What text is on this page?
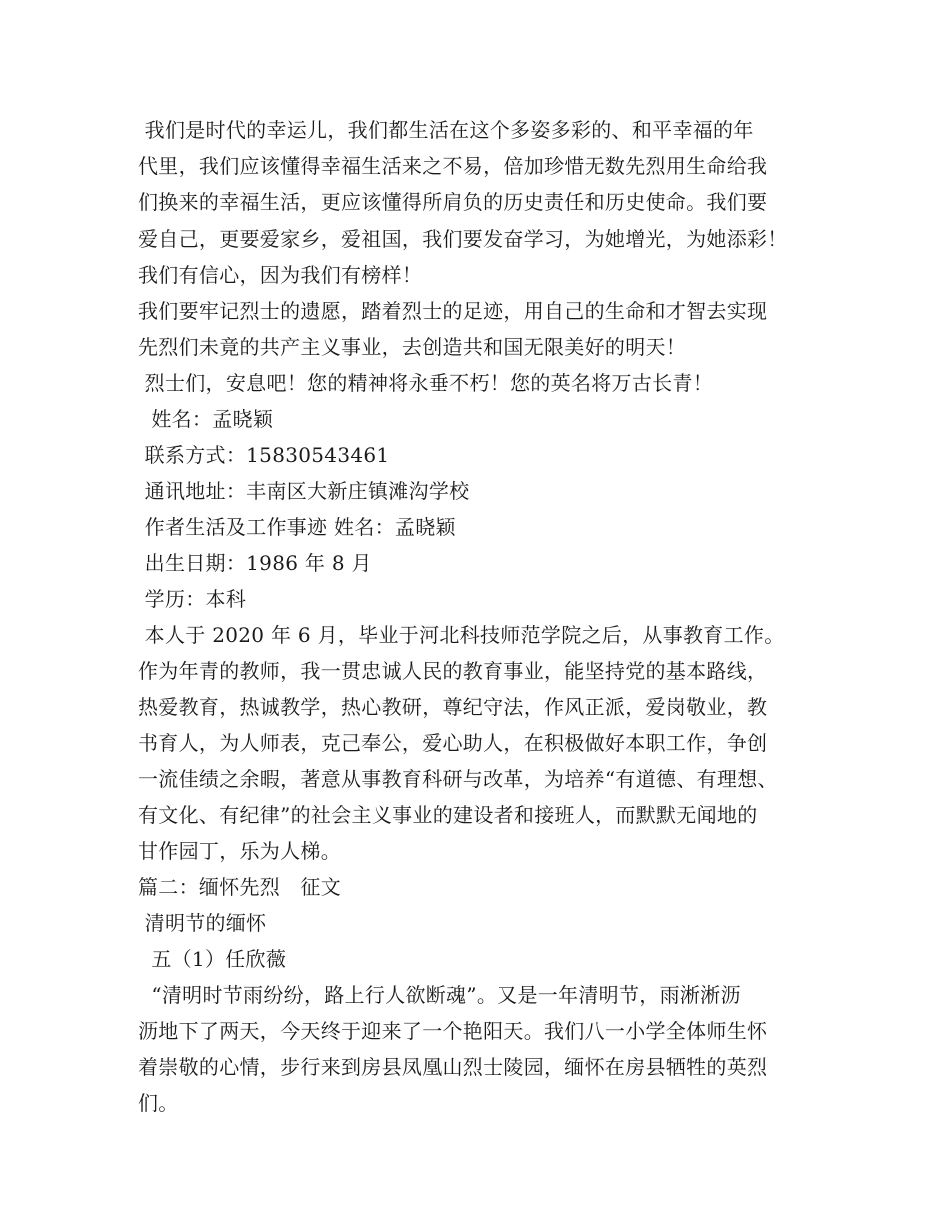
我们是时代的幸运儿，我们都生活在这个多姿多彩的、和平幸福的年
代里，我们应该懂得幸福生活来之不易，倍加珍惜无数先烈用生命给我
们换来的幸福生活，更应该懂得所肩负的历史责任和历史使命。我们要
爱自己，更要爱家乡，爱祖国，我们要发奋学习，为她增光，为她添彩！
我们有信心，因为我们有榜样！
我们要牢记烈士的遗愿，踏着烈士的足迹，用自己的生命和才智去实现
先烈们未竟的共产主义事业，去创造共和国无限美好的明天！
烈士们，安息吧！您的精神将永垂不朽！您的英名将万古长青！
姓名：孟晓颖
联系方式：15830543461
通讯地址：丰南区大新庄镇滩沟学校
作者生活及工作事迹 姓名：孟晓颖
出生日期：1986 年 8 月
学历：本科
本人于 2020 年 6 月，毕业于河北科技师范学院之后，从事教育工作。
作为年青的教师，我一贯忠诚人民的教育事业，能坚持党的基本路线，
热爱教育，热诚教学，热心教研，尊纪守法，作风正派，爱岗敬业，教
书育人，为人师表，克己奉公，爱心助人，在积极做好本职工作，争创
一流佳绩之余暇，著意从事教育科研与改革，为培养“有道德、有理想、
有文化、有纪律”的社会主义事业的建设者和接班人，而默默无闻地的
甘作园丁，乐为人梯。
篇二：缅怀先烈　征文
清明节的缅怀
五（1）任欣薇
“清明时节雨纷纷，路上行人欲断魂”。又是一年清明节，雨淅淅沥
沥地下了两天，今天终于迎来了一个艳阳天。我们八一小学全体师生怀
着崇敬的心情，步行来到房县凤凰山烈士陵园，缅怀在房县牺牲的英烈
们。
